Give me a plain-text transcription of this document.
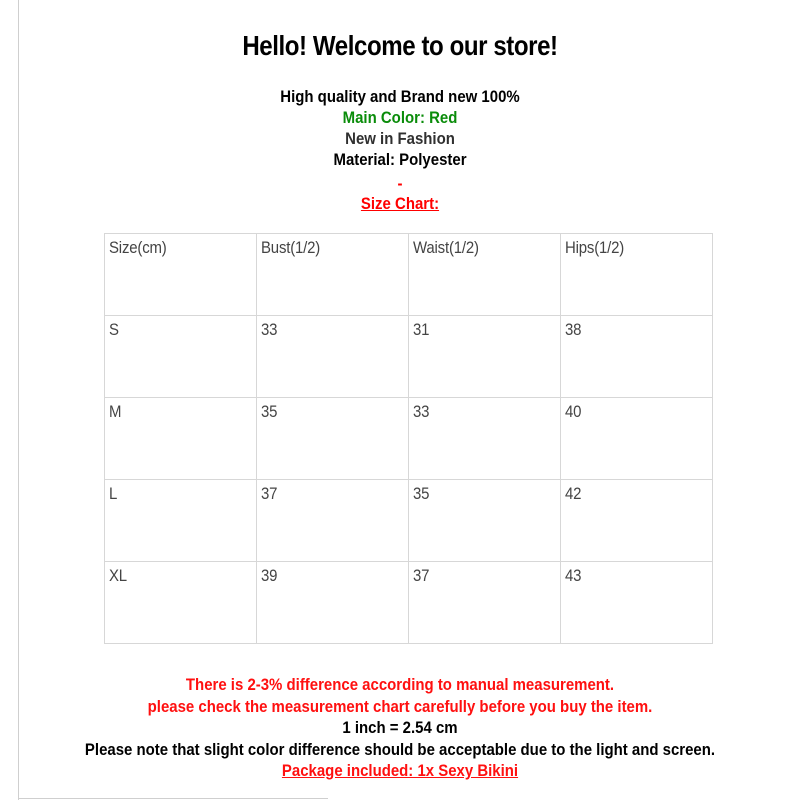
Hello! Welcome to our store!
High quality and Brand new 100%
Main Color: Red
New in Fashion
Material: Polyester
-
Size Chart:
Size(cm)	Bust(1/2)	Waist(1/2)	Hips(1/2)
S	33	31	38
M	35	33	40
L	37	35	42
XL	39	37	43
There is 2-3% difference according to manual measurement.
please check the measurement chart carefully before you buy the item.
1 inch = 2.54 cm
Please note that slight color difference should be acceptable due to the light and screen.
Package included: 1x Sexy Bikini
